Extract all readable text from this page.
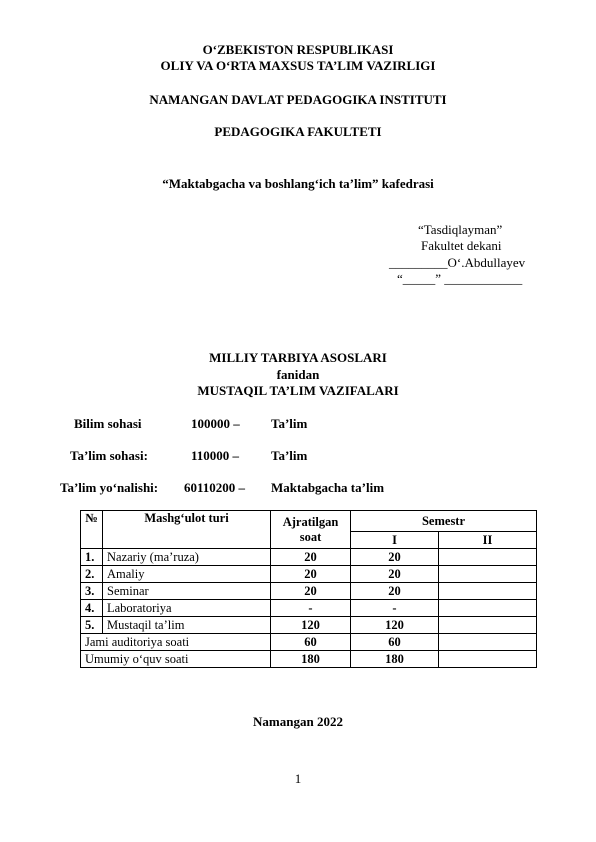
O‘ZBEKISTON RESPUBLIKASI
OLIY VA O‘RTA MAXSUS TA’LIM VAZIRLIGI
NAMANGAN DAVLAT PEDAGOGIKA INSTITUTI
PEDAGOGIKA FAKULTETI
“Maktabgacha va boshlang‘ich ta’lim” kafedrasi
“Tasdiqlayman”
Fakultet dekani
_________O‘.Abdullayev
“_____” ____________
MILLIY TARBIYA ASOSLARI
fanidan
MUSTAQIL TA’LIM VAZIFALARI
Bilim sohasi	100000 – Ta’lim
Ta’lim sohasi:	110000 – Ta’lim
Ta’lim yo‘nalishi: 60110200 – Maktabgacha ta’lim
№	Mashg‘ulot turi	Ajratilgan soat	Semestr	
			I	II
1.	Nazariy (ma’ruza)	20	20	
2.	Amaliy	20	20	
3.	Seminar	20	20	
4.	Laboratoriya	-	-	
5.	Mustaqil ta’lim	120	120	
Jami auditoriya soati		60	60	
Umumiy o‘quv soati		180	180	
Namangan 2022
1
